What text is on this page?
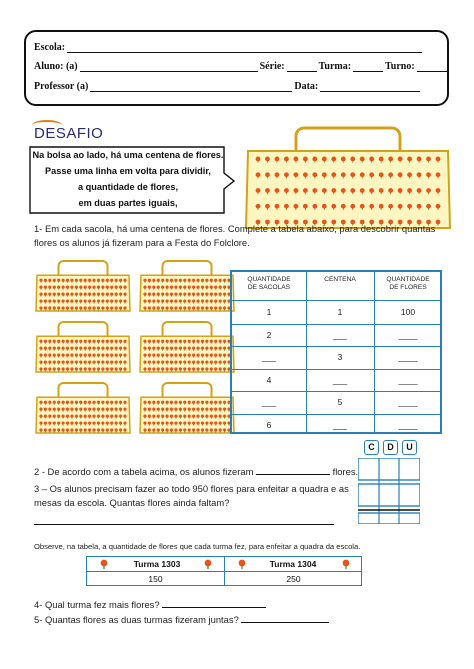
Escola:
Aluno: (a)	Série:	Turma:	Turno:
Professor (a)	Data:
DESAFIO
Na bolsa ao lado, há uma centena de flores.
Passe uma linha em volta para dividir,
a quantidade de flores,
em duas partes iguais,
1- Em cada sacola, há uma centena de flores. Complete a tabela abaixo, para descobrir quantas
flores os alunos já fizeram para a Festa do Folclore.
QUANTIDADE
DE SACOLAS
CENTENA	QUANTIDADE
DE FLORES
1	1	100
2	___	____
___	3	____
4	___	____
___	5	____
6	___	____
C	D	U
2 - De acordo com a tabela acima, os alunos fizeram	flores.
3 – Os alunos precisam fazer ao todo 950 flores para enfeitar a quadra e as
mesas da escola. Quantas flores ainda faltam?
Observe, na tabela, a quantidade de flores que cada turma fez, para enfeitar a quadra da escola.
Turma 1303	Turma 1304
150	250
4- Qual turma fez mais flores?
5- Quantas flores as duas turmas fizeram juntas?
